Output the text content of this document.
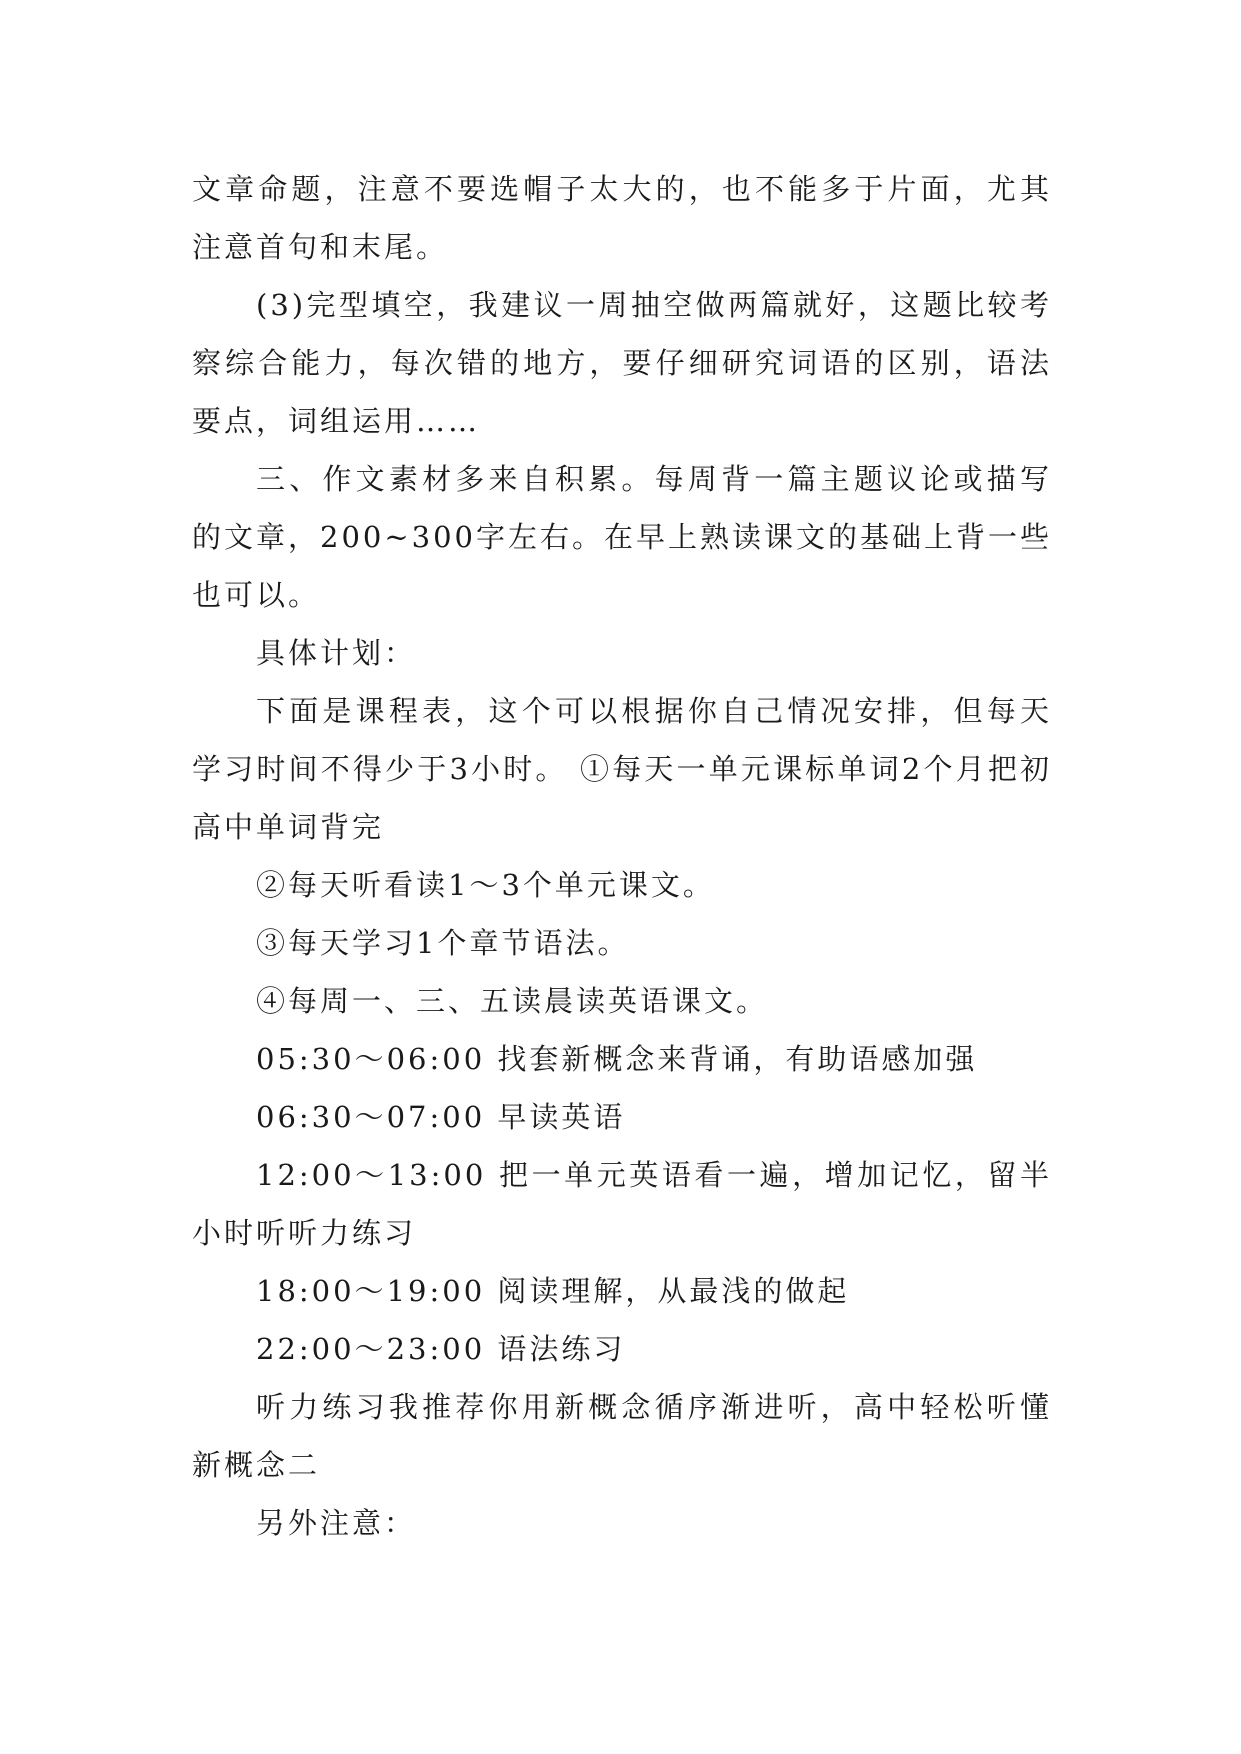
文章命题，注意不要选帽子太大的，也不能多于片面，尤其注意首句和末尾。

(3)完型填空，我建议一周抽空做两篇就好，这题比较考察综合能力，每次错的地方，要仔细研究词语的区别，语法要点，词组运用……

三、作文素材多来自积累。每周背一篇主题议论或描写的文章，200~300字左右。在早上熟读课文的基础上背一些也可以。

具体计划：

下面是课程表，这个可以根据你自己情况安排，但每天学习时间不得少于3小时。 ①每天一单元课标单词2个月把初高中单词背完

②每天听看读1～3个单元课文。

③每天学习1个章节语法。

④每周一、三、五读晨读英语课文。

05:30～06:00 找套新概念来背诵，有助语感加强

06:30～07:00 早读英语

12:00～13:00 把一单元英语看一遍，增加记忆，留半小时听听力练习

18:00～19:00 阅读理解，从最浅的做起

22:00～23:00 语法练习

听力练习我推荐你用新概念循序渐进听，高中轻松听懂新概念二

另外注意：
